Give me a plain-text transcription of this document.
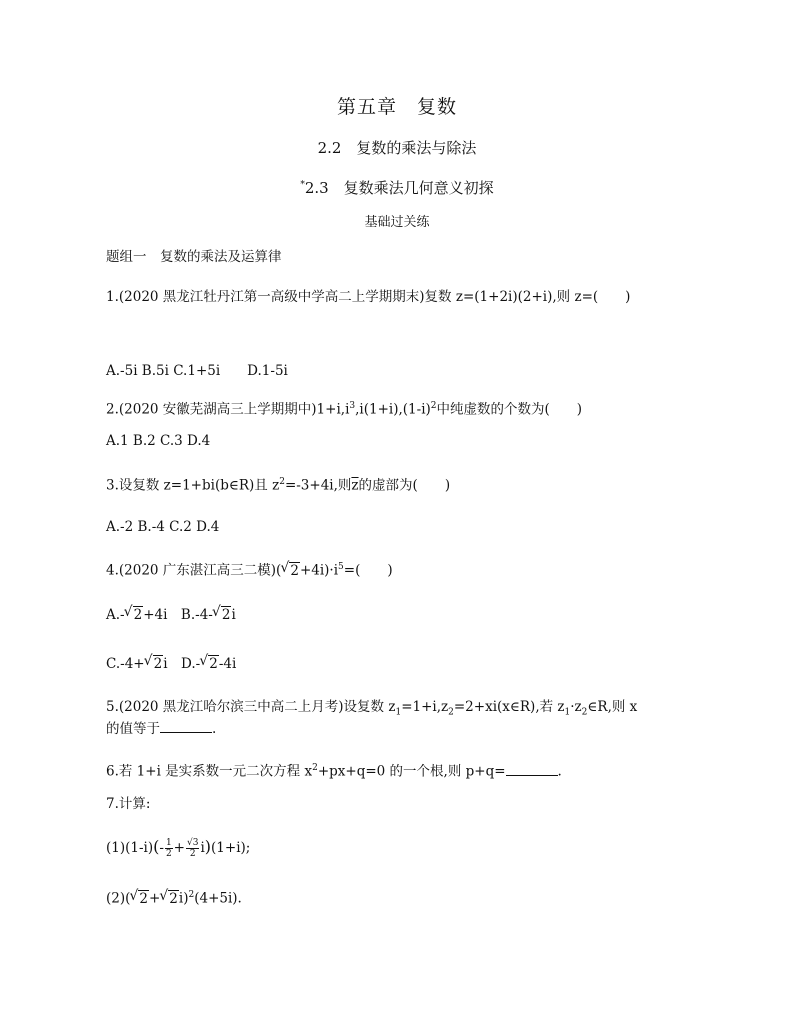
第五章　复数
2.2　复数的乘法与除法
*2.3　复数乘法几何意义初探
基础过关练
题组一　复数的乘法及运算律
1.(2020 黑龙江牡丹江第一高级中学高二上学期期末)复数 z=(1+2i)(2+i),则 z=(　　)
A.-5i B.5i C.1+5i　　D.1-5i
2.(2020 安徽芜湖高三上学期期中)$1+i,i^3,i(1+i),(1-i)^2$中纯虚数的个数为(　　)
A.1 B.2 C.3 D.4
3.设复数 z=1+bi(b∈R)且 $z^2=-3+4i$,则$\overline{z}$的虚部为(　　)
A.-2 B.-4 C.2 D.4
4.(2020 广东湛江高三二模)( √ $2+4i)\cdot i^5=$(　　)
A.- √ 2+4i　B.-4- √ 2i
C.-4+ √ 2i　D.- √ 2-4i
5.(2020 黑龙江哈尔滨三中高二上月考)设复数 $z_1=1+i,z_2=2+xi(x\in R)$,若 $z_1\cdot z_2\in R$,则 x
的值等于	.
6.若 1+i 是实系数一元二次方程 $x^2+px+q=0$ 的一个根,则 p+q=	.
7.计算:
$(1)(1-i)(- \frac{1}{2} + \frac{√3}{2} i)(1+i)$;
(2)( √ 2+ √ 2i)$^2$(4+5i).
